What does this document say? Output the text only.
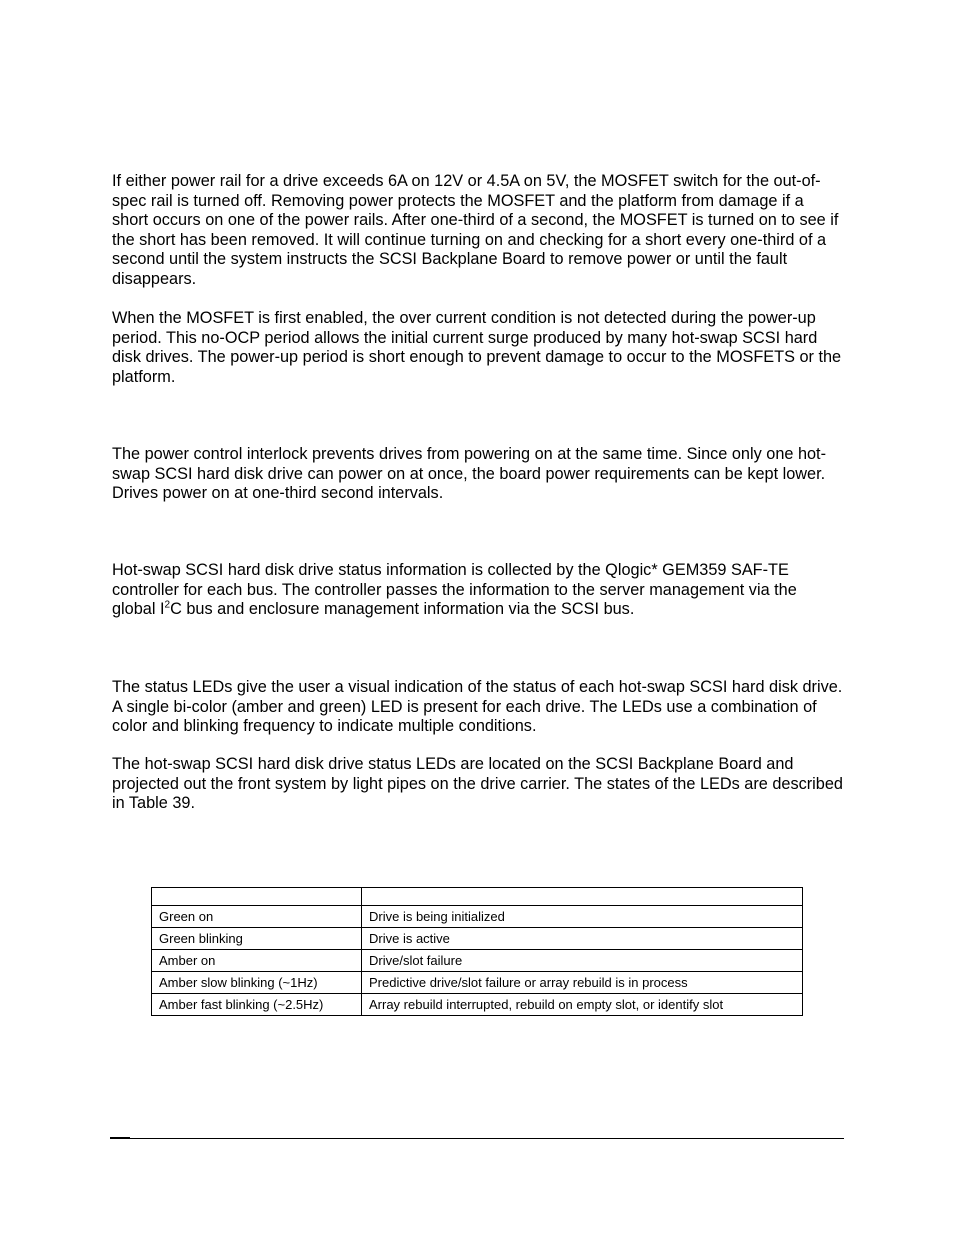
If either power rail for a drive exceeds 6A on 12V or 4.5A on 5V, the MOSFET switch for the out-of-spec rail is turned off. Removing power protects the MOSFET and the platform from damage if a short occurs on one of the power rails. After one-third of a second, the MOSFET is turned on to see if the short has been removed. It will continue turning on and checking for a short every one-third of a second until the system instructs the SCSI Backplane Board to remove power or until the fault disappears.

When the MOSFET is first enabled, the over current condition is not detected during the power-up period. This no-OCP period allows the initial current surge produced by many hot-swap SCSI hard disk drives. The power-up period is short enough to prevent damage to occur to the MOSFETS or the platform.

The power control interlock prevents drives from powering on at the same time. Since only one hot-swap SCSI hard disk drive can power on at once, the board power requirements can be kept lower. Drives power on at one-third second intervals.

Hot-swap SCSI hard disk drive status information is collected by the Qlogic* GEM359 SAF-TE controller for each bus. The controller passes the information to the server management via the global $I^2C$ bus and enclosure management information via the SCSI bus.

The status LEDs give the user a visual indication of the status of each hot-swap SCSI hard disk drive. A single bi-color (amber and green) LED is present for each drive. The LEDs use a combination of color and blinking frequency to indicate multiple conditions.

The hot-swap SCSI hard disk drive status LEDs are located on the SCSI Backplane Board and projected out the front system by light pipes on the drive carrier. The states of the LEDs are described in Table 39.

Green on	Drive is being initialized
Green blinking	Drive is active
Amber on	Drive/slot failure
Amber slow blinking (~1Hz)	Predictive drive/slot failure or array rebuild is in process
Amber fast blinking (~2.5Hz)	Array rebuild interrupted, rebuild on empty slot, or identify slot
